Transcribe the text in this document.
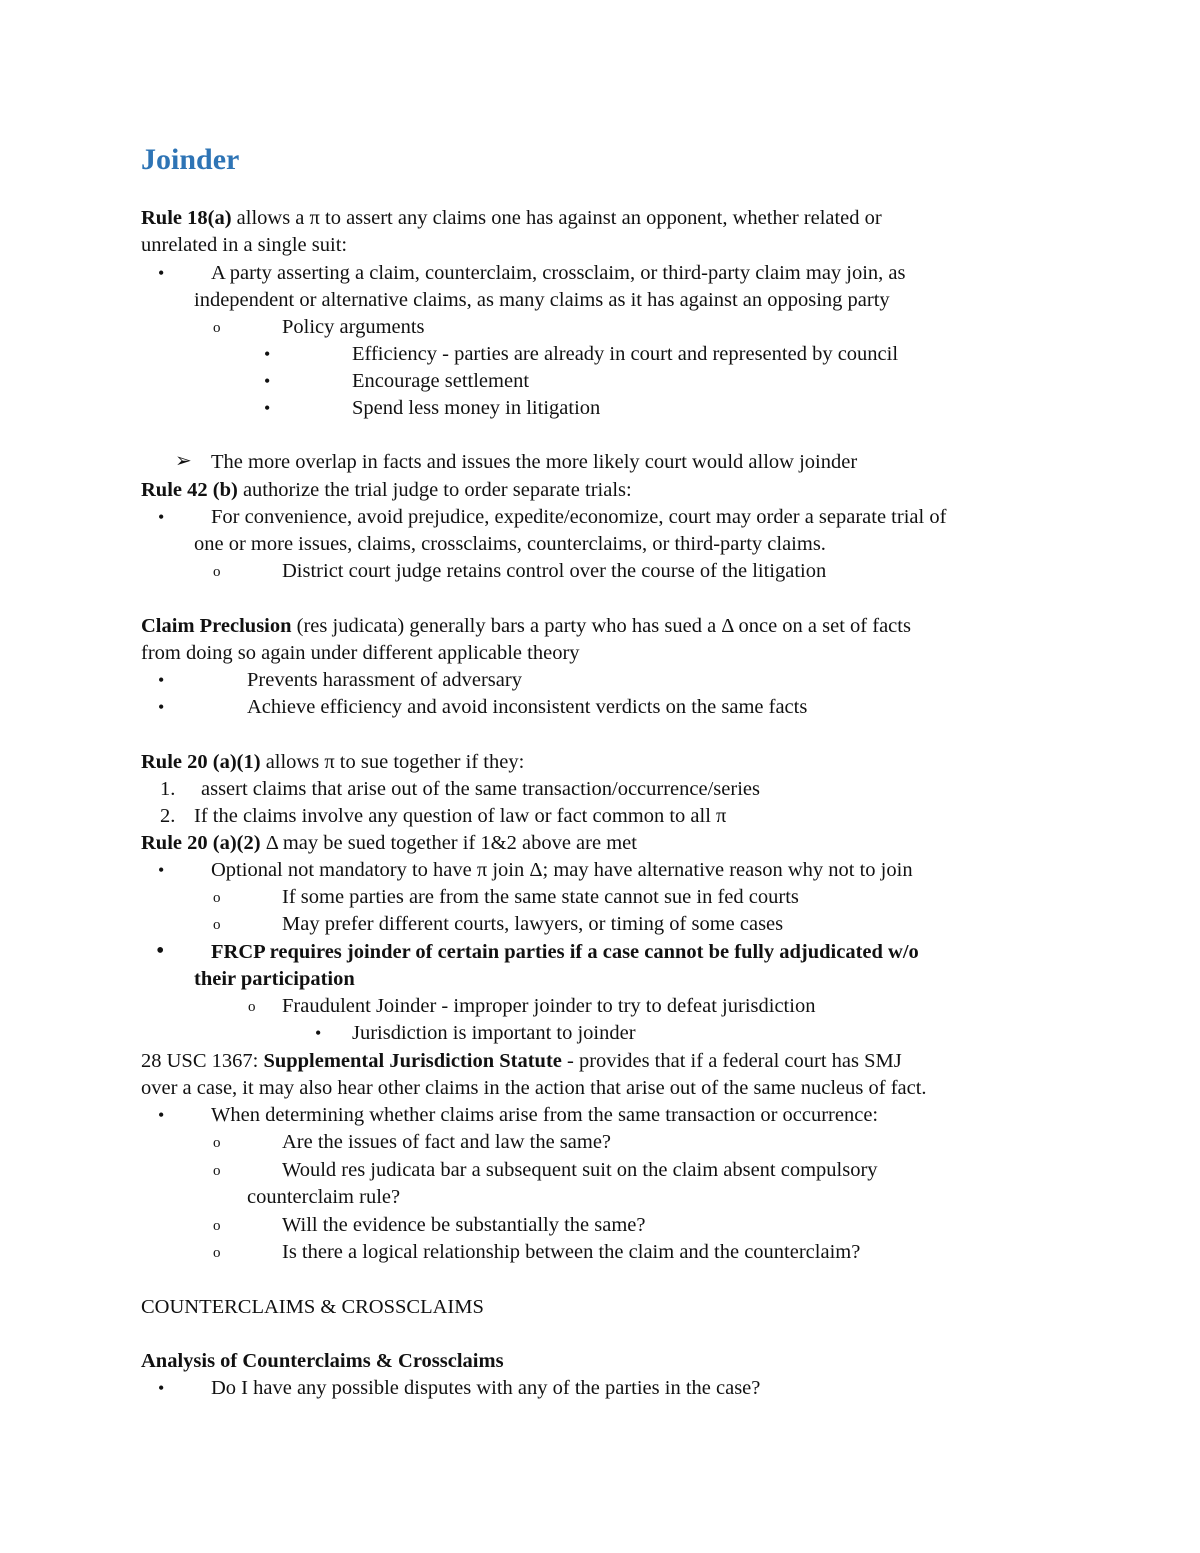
Joinder
Rule 18(a) allows a π to assert any claims one has against an opponent, whether related or
unrelated in a single suit:
• A party asserting a claim, counterclaim, crossclaim, or third-party claim may join, as
independent or alternative claims, as many claims as it has against an opposing party
o	Policy arguments
•	Efficiency - parties are already in court and represented by council
•	Encourage settlement
•	Spend less money in litigation
➢ The more overlap in facts and issues the more likely court would allow joinder
Rule 42 (b) authorize the trial judge to order separate trials:
• For convenience, avoid prejudice, expedite/economize, court may order a separate trial of
one or more issues, claims, crossclaims, counterclaims, or third-party claims.
o	District court judge retains control over the course of the litigation
Claim Preclusion (res judicata) generally bars a party who has sued a Δ once on a set of facts
from doing so again under different applicable theory
•	Prevents harassment of adversary
•	Achieve efficiency and avoid inconsistent verdicts on the same facts
Rule 20 (a)(1) allows π to sue together if they:
1. assert claims that arise out of the same transaction/occurrence/series
2. If the claims involve any question of law or fact common to all π
Rule 20 (a)(2) Δ may be sued together if 1&2 above are met
• Optional not mandatory to have π join Δ; may have alternative reason why not to join
o	If some parties are from the same state cannot sue in fed courts
o	May prefer different courts, lawyers, or timing of some cases
• FRCP requires joinder of certain parties if a case cannot be fully adjudicated w/o
their participation
o Fraudulent Joinder - improper joinder to try to defeat jurisdiction
• Jurisdiction is important to joinder
28 USC 1367: Supplemental Jurisdiction Statute - provides that if a federal court has SMJ
over a case, it may also hear other claims in the action that arise out of the same nucleus of fact.
• When determining whether claims arise from the same transaction or occurrence:
o	Are the issues of fact and law the same?
o	Would res judicata bar a subsequent suit on the claim absent compulsory
counterclaim rule?
o	Will the evidence be substantially the same?
o	Is there a logical relationship between the claim and the counterclaim?
COUNTERCLAIMS & CROSSCLAIMS
Analysis of Counterclaims & Crossclaims
• Do I have any possible disputes with any of the parties in the case?
